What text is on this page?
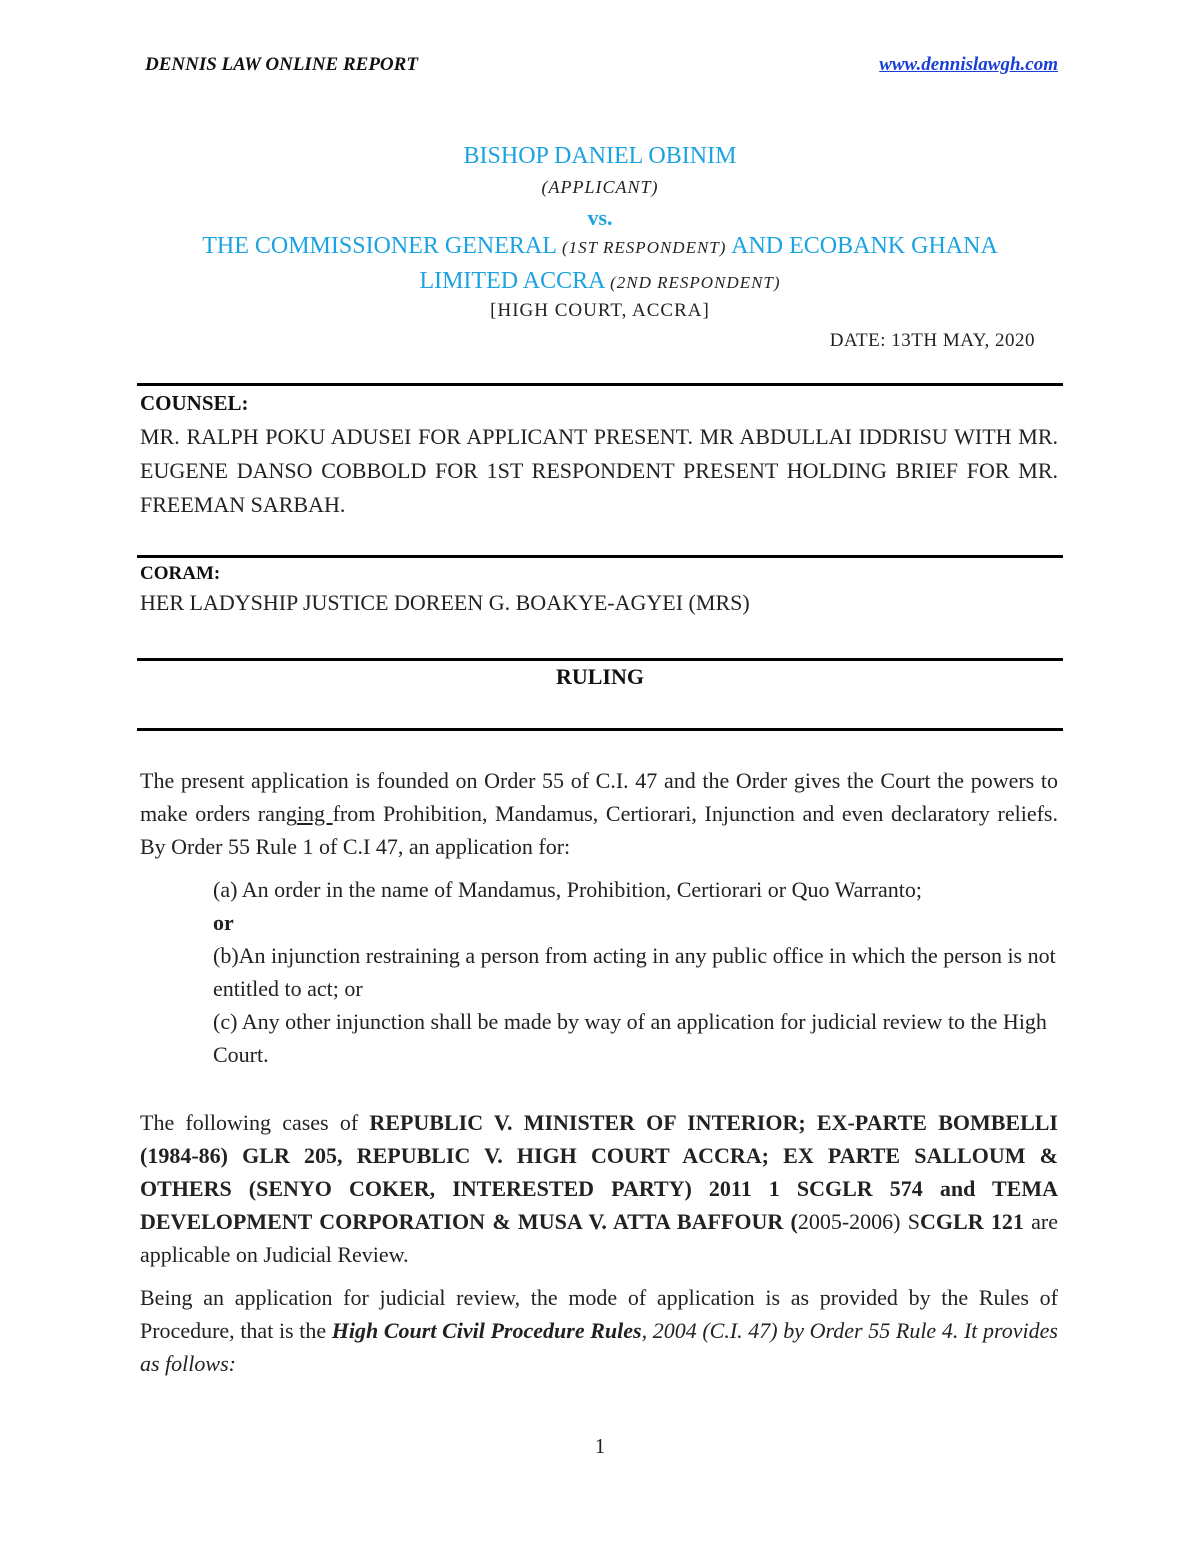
DENNIS LAW ONLINE REPORT	www.dennislawgh.com
BISHOP DANIEL OBINIM
(APPLICANT)
vs.
THE COMMISSIONER GENERAL (1ST RESPONDENT) AND ECOBANK GHANA
LIMITED ACCRA (2ND RESPONDENT)
[HIGH COURT, ACCRA]
DATE: 13TH MAY, 2020
COUNSEL:
MR. RALPH POKU ADUSEI FOR APPLICANT PRESENT. MR ABDULLAI IDDRISU WITH MR. EUGENE DANSO COBBOLD FOR 1ST RESPONDENT PRESENT HOLDING BRIEF FOR MR. FREEMAN SARBAH.
CORAM:
HER LADYSHIP JUSTICE DOREEN G. BOAKYE-AGYEI (MRS)
RULING
The present application is founded on Order 55 of C.I. 47 and the Order gives the Court the powers to make orders ranging from Prohibition, Mandamus, Certiorari, Injunction and even declaratory reliefs. By Order 55 Rule 1 of C.I 47, an application for:
(a) An order in the name of Mandamus, Prohibition, Certiorari or Quo Warranto;
or
(b)An injunction restraining a person from acting in any public office in which the person is not entitled to act; or
(c) Any other injunction shall be made by way of an application for judicial review to the High Court.
The following cases of REPUBLIC V. MINISTER OF INTERIOR; EX-PARTE BOMBELLI (1984-86) GLR 205, REPUBLIC V. HIGH COURT ACCRA; EX PARTE SALLOUM & OTHERS (SENYO COKER, INTERESTED PARTY) 2011 1 SCGLR 574 and TEMA DEVELOPMENT CORPORATION & MUSA V. ATTA BAFFOUR (2005-2006) SCGLR 121 are applicable on Judicial Review.
Being an application for judicial review, the mode of application is as provided by the Rules of Procedure, that is the High Court Civil Procedure Rules, 2004 (C.I. 47) by Order 55 Rule 4. It provides as follows:
1
